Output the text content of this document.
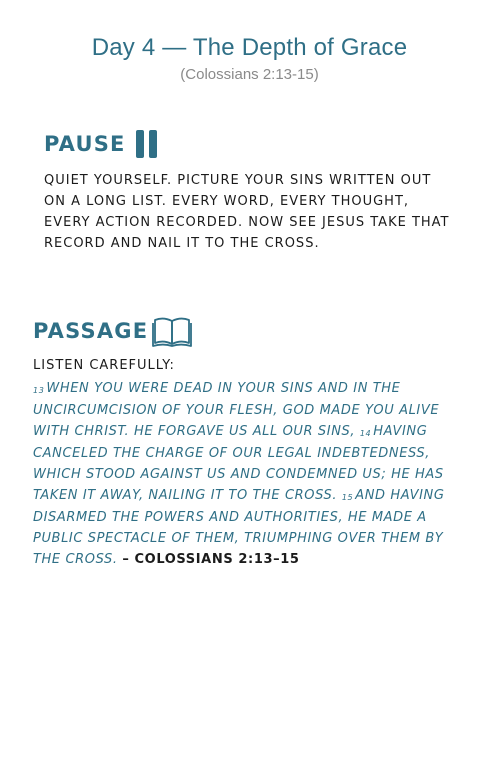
Day 4 — The Depth of Grace
(Colossians 2:13-15)
PAUSE
QUIET YOURSELF. PICTURE YOUR SINS WRITTEN OUT ON A LONG LIST. EVERY WORD, EVERY THOUGHT, EVERY ACTION RECORDED. NOW SEE JESUS TAKE THAT RECORD AND NAIL IT TO THE CROSS.
PASSAGE
LISTEN CAREFULLY:
$^{13}$ WHEN YOU WERE DEAD IN YOUR SINS AND IN THE UNCIRCUMCISION OF YOUR FLESH, GOD MADE YOU ALIVE WITH CHRIST. HE FORGAVE US ALL OUR SINS, $^{14}$ HAVING CANCELED THE CHARGE OF OUR LEGAL INDEBTEDNESS, WHICH STOOD AGAINST US AND CONDEMNED US; HE HAS TAKEN IT AWAY, NAILING IT TO THE CROSS. $^{15}$ AND HAVING DISARMED THE POWERS AND AUTHORITIES, HE MADE A PUBLIC SPECTACLE OF THEM, TRIUMPHING OVER THEM BY THE CROSS. – COLOSSIANS 2:13–15
